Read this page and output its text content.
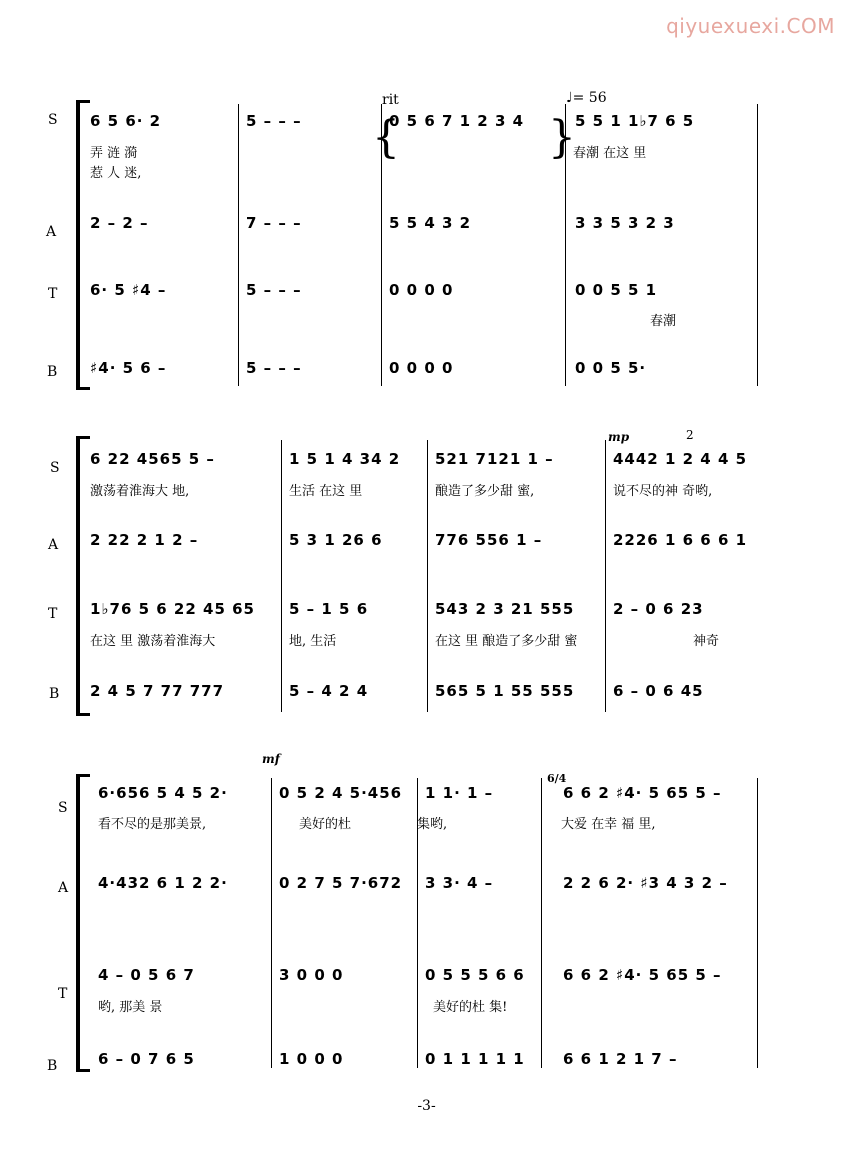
qiyuexuexi.COM
rit	♩= 56
{	}
S
A
T
B
6 5 6· 2	5 – – –	0 5 6 7 1 2 3 4	5 5 1 1♭7 6 5
弄 涟 漪	春潮 在这 里
惹 人 迷,
2 – 2 –	7 – – –	5 5 4 3 2	3 3 5 3 2 3
6· 5 ♯4 –	5 – – –	0 0 0 0	0 0 5 5 1
春潮
♯4· 5 6 –	5 – – –	0 0 0 0	0 0 5 5·
mp	2
S
A
T
B
6 22 4565 5 –	1 5 1 4 34 2	521 7121 1 –	4442 1 2 4 4 5
激荡着淮海大 地,	生活 在这 里	酿造了多少甜 蜜,	说不尽的神 奇哟,
2 22 2 1 2 –	5 3 1 26 6	776 556 1 –	2226 1 6 6 6 1
1♭76 5 6 22 45 65	5 – 1 5 6	543 2 3 21 555	2 – 0 6 23
在这 里 激荡着淮海大	地, 生活	在这 里 酿造了多少甜 蜜	神奇
2 4 5 7 77 777	5 – 4 2 4	565 5 1 55 555	6 – 0 6 45
mf
6/4
S
A
T
B
6·656 5 4 5 2·	0 5 2 4 5·456	1 1· 1 –	6 6 2 ♯4· 5 65 5 –
看不尽的是那美景,	美好的杜	集哟,	大爱 在幸 福 里,
4·432 6 1 2 2·	0 2 7 5 7·672	3 3· 4 –	2 2 6 2· ♯3 4 3 2 –
4 – 0 5 6 7	3 0 0 0	0 5 5 5 6 6	6 6 2 ♯4· 5 65 5 –
哟, 那美 景	美好的杜 集!
6 – 0 7 6 5	1 0 0 0	0 1 1 1 1 1	6 6 1 2 1 7 –
-3-
